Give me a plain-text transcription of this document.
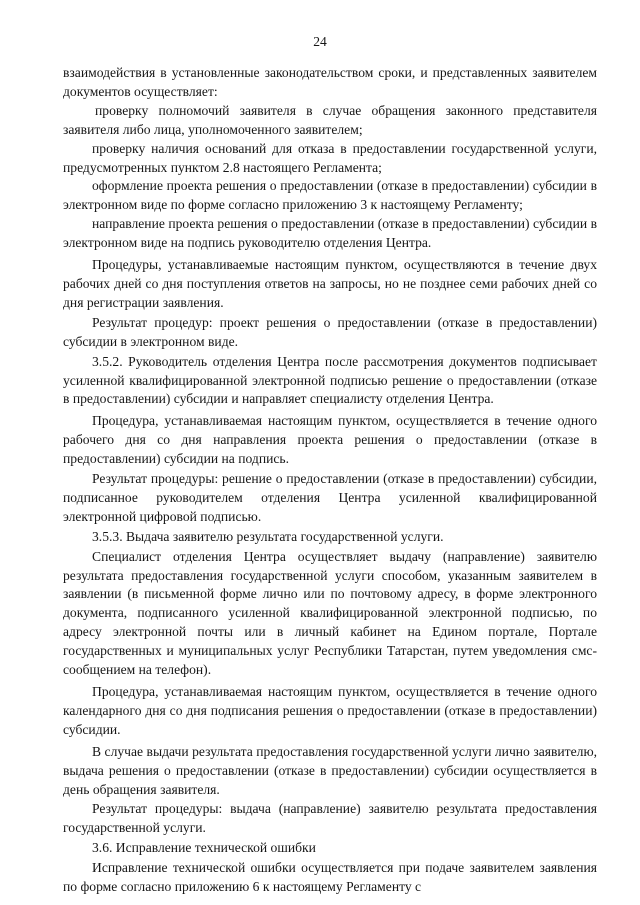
24

взаимодействия в установленные законодательством сроки, и представленных заявителем документов осуществляет:

проверку полномочий заявителя в случае обращения законного представителя заявителя либо лица, уполномоченного заявителем;

проверку наличия оснований для отказа в предоставлении государственной услуги, предусмотренных пунктом 2.8 настоящего Регламента;

оформление проекта решения о предоставлении (отказе в предоставлении) субсидии в электронном виде по форме согласно приложению 3 к настоящему Регламенту;

направление проекта решения о предоставлении (отказе в предоставлении) субсидии в электронном виде на подпись руководителю отделения Центра.

Процедуры, устанавливаемые настоящим пунктом, осуществляются в течение двух рабочих дней со дня поступления ответов на запросы, но не позднее семи рабочих дней со дня регистрации заявления.

Результат процедур: проект решения о предоставлении (отказе в предоставлении) субсидии в электронном виде.

3.5.2. Руководитель отделения Центра после рассмотрения документов подписывает усиленной квалифицированной электронной подписью решение о предоставлении (отказе в предоставлении) субсидии и направляет специалисту отделения Центра.

Процедура, устанавливаемая настоящим пунктом, осуществляется в течение одного рабочего дня со дня направления проекта решения о предоставлении (отказе в предоставлении) субсидии на подпись.

Результат процедуры: решение о предоставлении (отказе в предоставлении) субсидии, подписанное руководителем отделения Центра усиленной квалифицированной электронной цифровой подписью.

3.5.3. Выдача заявителю результата государственной услуги.

Специалист отделения Центра осуществляет выдачу (направление) заявителю результата предоставления государственной услуги способом, указанным заявителем в заявлении (в письменной форме лично или по почтовому адресу, в форме электронного документа, подписанного усиленной квалифицированной электронной подписью, по адресу электронной почты или в личный кабинет на Едином портале, Портале государственных и муниципальных услуг Республики Татарстан, путем уведомления смс-сообщением на телефон).

Процедура, устанавливаемая настоящим пунктом, осуществляется в течение одного календарного дня со дня подписания решения о предоставлении (отказе в предоставлении) субсидии.

В случае выдачи результата предоставления государственной услуги лично заявителю, выдача решения о предоставлении (отказе в предоставлении) субсидии осуществляется в день обращения заявителя.

Результат процедуры: выдача (направление) заявителю результата предоставления государственной услуги.

3.6. Исправление технической ошибки

Исправление технической ошибки осуществляется при подаче заявителем заявления по форме согласно приложению 6 к настоящему Регламенту с
